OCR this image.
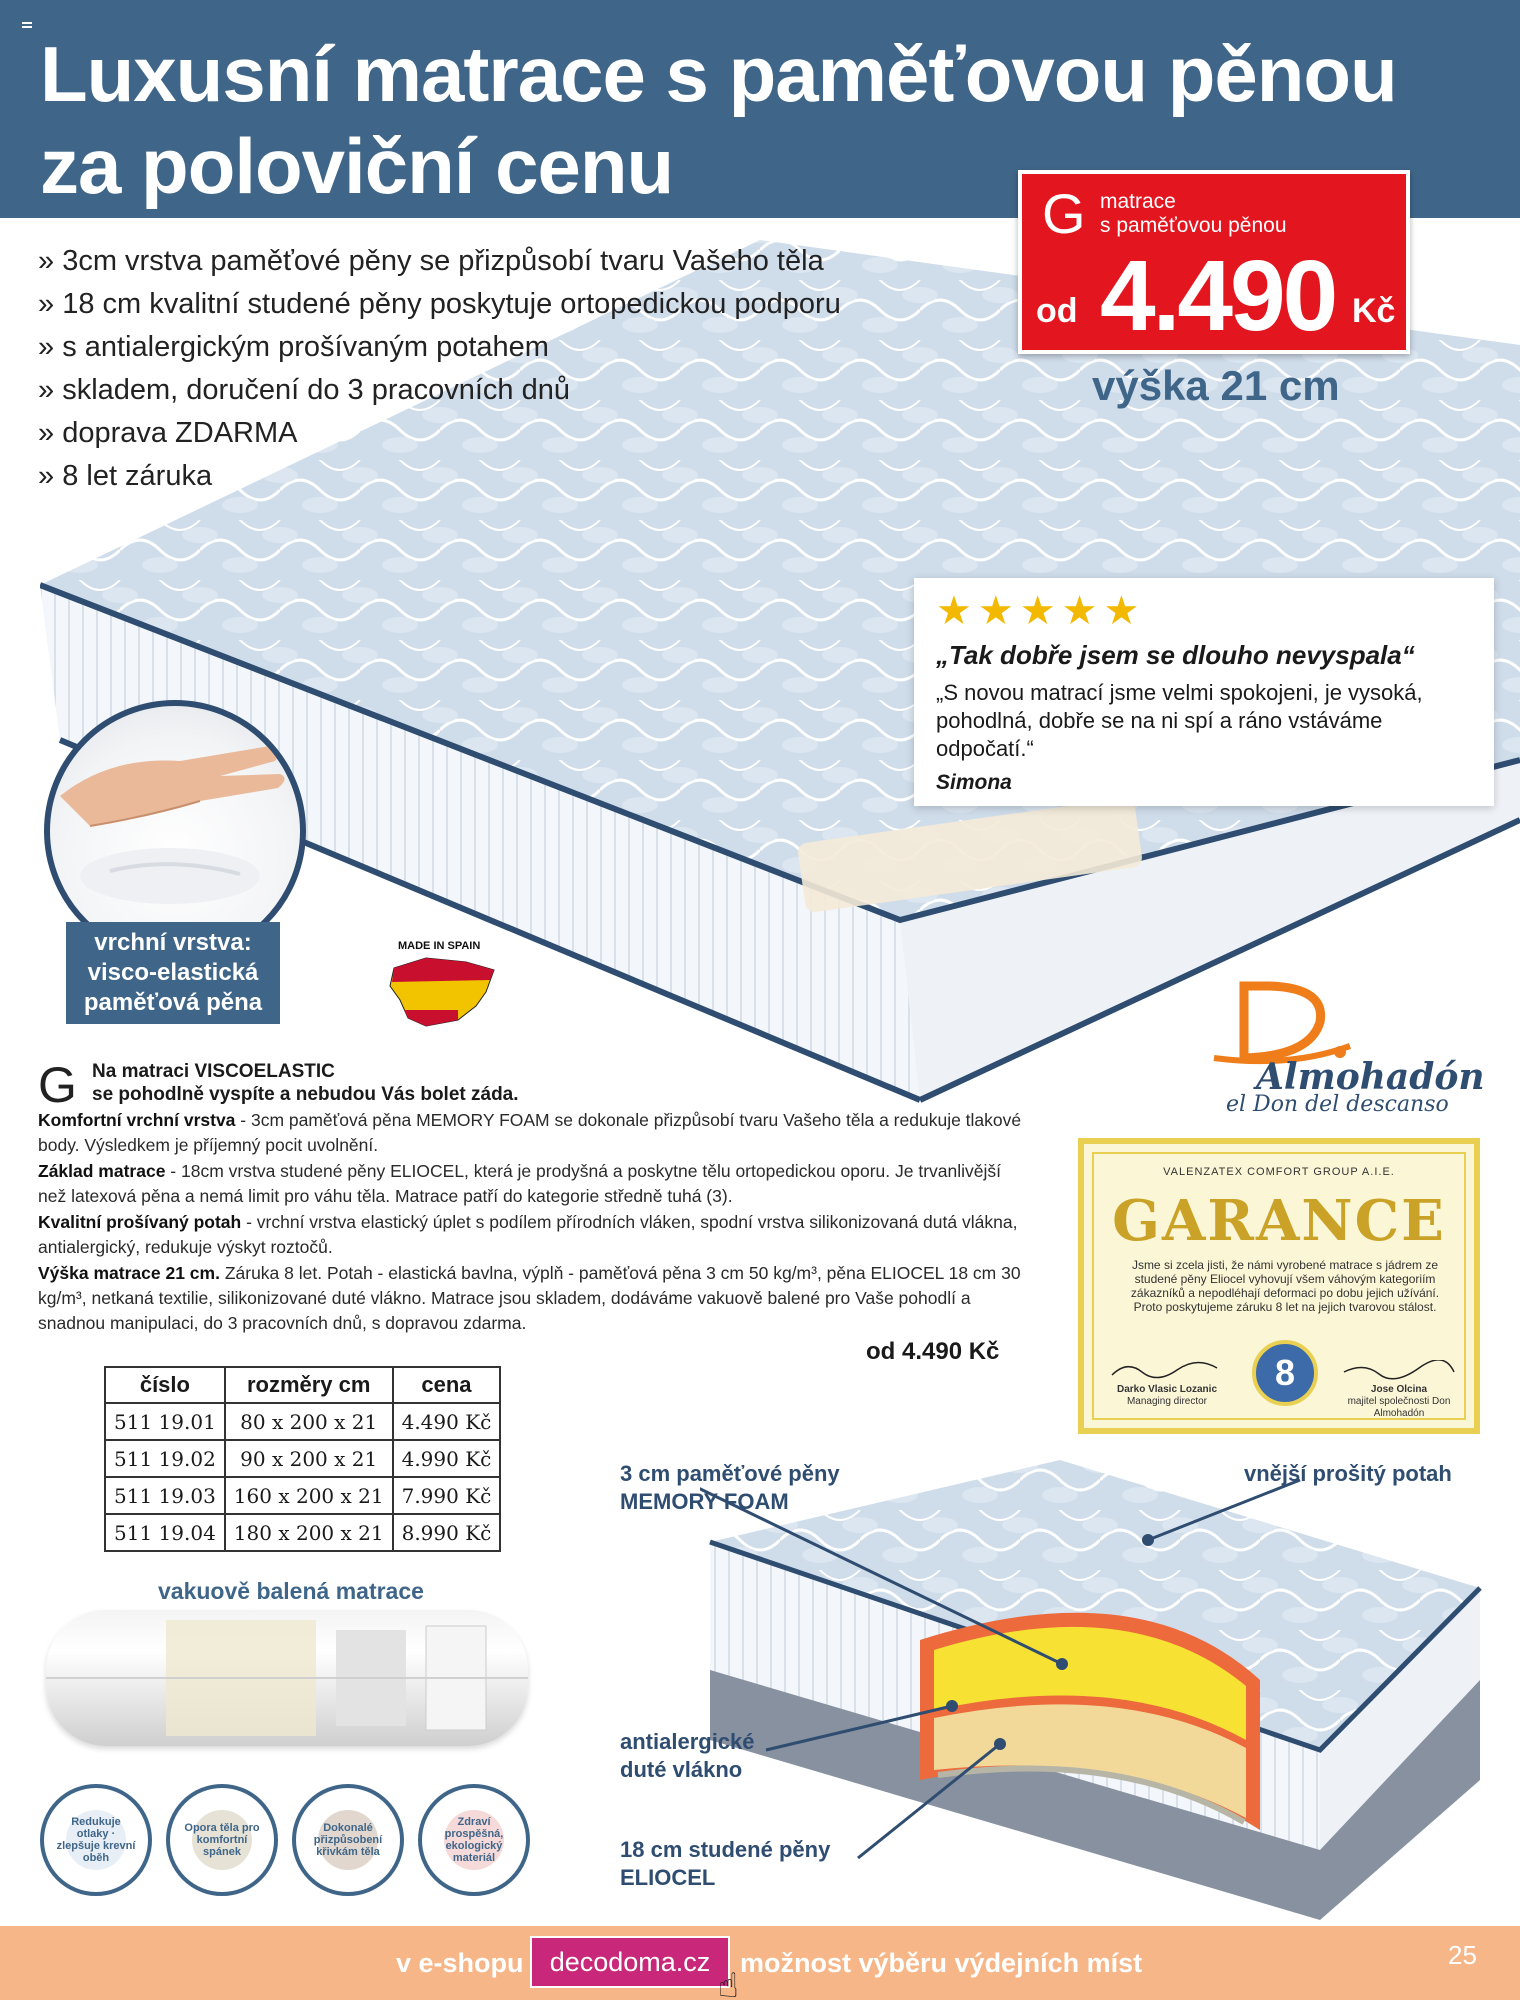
Luxusní matrace s paměťovou pěnou
za poloviční cenu
» 3cm vrstva paměťové pěny se přizpůsobí tvaru Vašeho těla
» 18 cm kvalitní studené pěny poskytuje ortopedickou podporu
» s antialergickým prošívaným potahem
» skladem, doručení do 3 pracovních dnů
» doprava ZDARMA
» 8 let záruka
G matrace
s paměťovou pěnou
od 4.490 Kč
výška 21 cm
★ ★ ★ ★ ★
„Tak dobře jsem se dlouho nevyspala“
„S novou matrací jsme velmi spokojeni, je vysoká, pohodlná, dobře se na ni spí a ráno vstáváme odpočatí.“
Simona
vrchní vrstva:
visco-elastická
paměťová pěna
MADE IN SPAIN
G Na matraci VISCOELASTIC
se pohodlně vyspíte a nebudou Vás bolet záda.

Komfortní vrchní vrstva - 3cm paměťová pěna MEMORY FOAM se dokonale přizpůsobí tvaru Vašeho těla a redukuje tlakové body. Výsledkem je příjemný pocit uvolnění.

Základ matrace - 18cm vrstva studené pěny ELIOCEL, která je prodyšná a poskytne tělu ortopedickou oporu. Je trvanlivější než latexová pěna a nemá limit pro váhu těla. Matrace patří do kategorie středně tuhá (3).

Kvalitní prošívaný potah - vrchní vrstva elastický úplet s podílem přírodních vláken, spodní vrstva silikonizovaná dutá vlákna, antialergický, redukuje výskyt roztočů.

Výška matrace 21 cm. Záruka 8 let. Potah - elastická bavlna, výplň - paměťová pěna 3 cm 50 kg/m³, pěna ELIOCEL 18 cm 30 kg/m³, netkaná textilie, silikonizované duté vlákno. Matrace jsou skladem, dodáváme vakuově balené pro Vaše pohodlí a snadnou manipulaci, do 3 pracovních dnů, s dopravou zdarma.

od 4.490 Kč
číslo	rozměry cm	cena
511 19.01	80 x 200 x 21	4.490 Kč
511 19.02	90 x 200 x 21	4.990 Kč
511 19.03	160 x 200 x 21	7.990 Kč
511 19.04	180 x 200 x 21	8.990 Kč
vakuově balená matrace
Redukuje otlaky · zlepšuje krevní oběh
Opora těla pro komfortní spánek
Dokonalé přizpůsobení křivkám těla
Zdraví prospěšná, ekologický materiál
Almohadón
el Don del descanso
VALENZATEX COMFORT GROUP A.I.E.
GARANCE
Jsme si zcela jisti, že námi vyrobené matrace s jádrem ze studené pěny Eliocel vyhovují všem váhovým kategoriím zákazníků a nepodléhají deformaci po dobu jejich užívání. Proto poskytujeme záruku 8 let na jejich tvarovou stálost.

Darko Vlasic Lozanic
Managing director
8	Jose Olcina
majitel společnosti Don Almohadón
3 cm paměťové pěny
MEMORY FOAM
vnější prošitý potah
antialergické
duté vlákno
18 cm studené pěny
ELIOCEL
v e-shopu decodoma.cz
☝
možnost výběru výdejních míst	25
